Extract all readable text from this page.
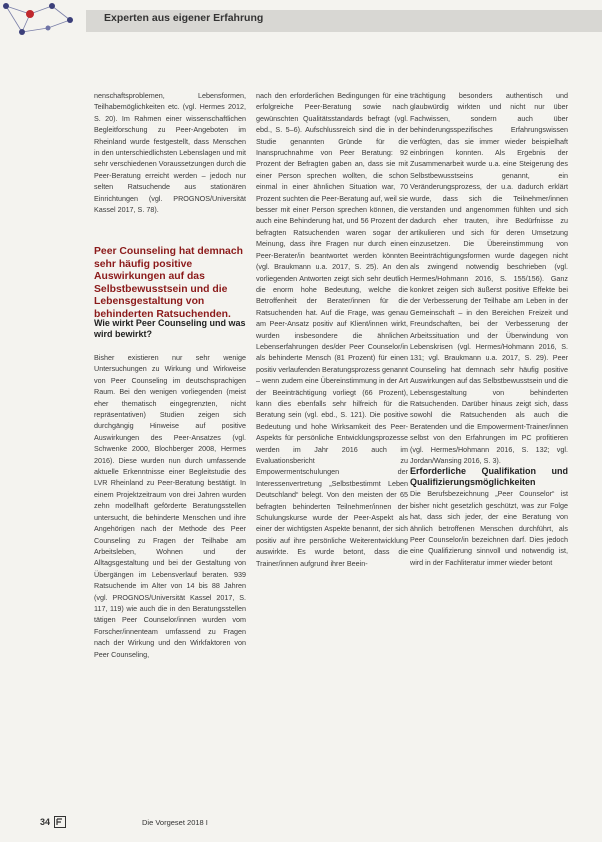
Experten aus eigener Erfahrung

nenschaftsproblemen, Lebensformen, Teilhabemöglichkeiten etc. (vgl. Hermes 2012, S. 20). Im Rahmen einer wissenschaftlichen Begleitforschung zu Peer-Angeboten im Rheinland wurde festgestellt, dass Menschen in den unterschiedlichsten Lebenslagen und mit sehr verschiedenen Voraussetzungen durch die Peer-Beratung erreicht werden – jedoch nur selten Ratsuchende aus stationären Einrichtungen (vgl. PROGNOS/Universität Kassel 2017, S. 78).

Peer Counseling hat demnach sehr häufig positive Auswirkungen auf das Selbstbewusstsein und die Lebensgestaltung von behinderten Ratsuchenden.

Wie wirkt Peer Counseling und was wird bewirkt?

Bisher existieren nur sehr wenige Untersuchungen zu Wirkung und Wirkweise von Peer Counseling im deutschsprachigen Raum. Bei den wenigen vorliegenden (meist eher thematisch eingegrenzten, nicht repräsentativen) Studien zeigen sich durchgängig Hinweise auf positive Auswirkungen des Peer-Ansatzes (vgl. Schwenke 2000, Blochberger 2008, Hermes 2016). Diese wurden nun durch umfassende aktuelle Erkenntnisse einer Begleitstudie des LVR Rheinland zu Peer-Beratung bestätigt. In einem Projektzeitraum von drei Jahren wurden zehn modellhaft geförderte Beratungsstellen untersucht, die behinderte Menschen und ihre Angehörigen nach der Methode des Peer Counseling zu Fragen der Teilhabe am Arbeitsleben, Wohnen und der Alltagsgestaltung und bei der Gestaltung von Übergängen im Lebensverlauf beraten. 939 Ratsuchende im Alter von 14 bis 88 Jahren (vgl. PROGNOS/Universität Kassel 2017, S. 117, 119) wie auch die in den Beratungsstellen tätigen Peer Counselor/innen wurden vom Forscher/innenteam umfassend zu Fragen nach der Wirkung und den Wirkfaktoren von Peer Counseling,

nach den erforderlichen Bedingungen für eine erfolgreiche Peer-Beratung sowie nach gewünschten Qualitätsstandards befragt (vgl. ebd., S. 5–6). Aufschlussreich sind die in der Studie genannten Gründe für die Inanspruchnahme von Peer Beratung: 92 Prozent der Befragten gaben an, dass sie mit einer Person sprechen wollten, die schon einmal in einer ähnlichen Situation war, 70 Prozent suchten die Peer-Beratung auf, weil sie besser mit einer Person sprechen können, die auch eine Behinderung hat, und 56 Prozent der befragten Ratsuchenden waren sogar der Meinung, dass ihre Fragen nur durch einen Peer-Berater/in beantwortet werden könnten (vgl. Braukmann u.a. 2017, S. 25). An den vorliegenden Antworten zeigt sich sehr deutlich die enorm hohe Bedeutung, welche die Betroffenheit der Berater/innen für die Ratsuchenden hat. Auf die Frage, was genau am Peer-Ansatz positiv auf Klient/innen wirkt, wurden insbesondere die ähnlichen Lebenserfahrungen des/der Peer Counselor/in als behinderte Mensch (81 Prozent) für einen positiv verlaufenden Beratungsprozess genannt – wenn zudem eine Übereinstimmung in der Art der Beeinträchtigung vorliegt (66 Prozent), kann dies ebenfalls sehr hilfreich für die Beratung sein (vgl. ebd., S. 121). Die positive Bedeutung und hohe Wirksamkeit des Peer-Aspekts für persönliche Entwicklungsprozesse werden im Jahr 2016 auch im Evaluationsbericht zu Empowermentschulungen der Interessenvertretung „Selbstbestimmt Leben Deutschland“ belegt. Von den meisten der 65 befragten behinderten Teilnehmer/innen der Schulungskurse wurde der Peer-Aspekt als einer der wichtigsten Aspekte benannt, der sich positiv auf ihre persönliche Weiterentwicklung auswirkte. Es wurde betont, dass die Trainer/innen aufgrund ihrer Beein-

trächtigung besonders authentisch und glaubwürdig wirkten und nicht nur über Fachwissen, sondern auch über behinderungsspezifisches Erfahrungswissen verfügten, das sie immer wieder beispielhaft einbringen konnten. Als Ergebnis der Zusammenarbeit wurde u.a. eine Steigerung des Selbstbewusstseins genannt, ein Veränderungsprozess, der u.a. dadurch erklärt wurde, dass sich die Teilnehmer/innen verstanden und angenommen fühlten und sich dadurch eher trauten, ihre Bedürfnisse zu artikulieren und sich für deren Umsetzung einzusetzen. Die Übereinstimmung von Beeinträchtigungsformen wurde dagegen nicht als zwingend notwendig beschrieben (vgl. Hermes/Hohmann 2016, S. 155/156). Ganz konkret zeigen sich äußerst positive Effekte bei der Verbesserung der Teilhabe am Leben in der Gemeinschaft – in den Bereichen Freizeit und Freundschaften, bei der Verbesserung der Arbeitssituation und der Überwindung von Lebenskrisen (vgl. Hermes/Hohmann 2016, S. 131; vgl. Braukmann u.a. 2017, S. 29). Peer Counseling hat demnach sehr häufig positive Auswirkungen auf das Selbstbewusstsein und die Lebensgestaltung von behinderten Ratsuchenden. Darüber hinaus zeigt sich, dass sowohl die Ratsuchenden als auch die Beratenden und die Empowerment-Trainer/innen selbst von den Erfahrungen im PC profitieren (vgl. Hermes/Hohmann 2016, S. 132; vgl. Jordan/Wansing 2016, S. 3).

Erforderliche Qualifikation und Qualifizierungsmöglichkeiten

Die Berufsbezeichnung „Peer Counselor“ ist bisher nicht gesetzlich geschützt, was zur Folge hat, dass sich jeder, der eine Beratung von ähnlich betroffenen Menschen durchführt, als Peer Counselor/in bezeichnen darf. Dies jedoch eine Qualifizierung sinnvoll und notwendig ist, wird in der Fachliteratur immer wieder betont

34	Die Vorgeset 2018 I
